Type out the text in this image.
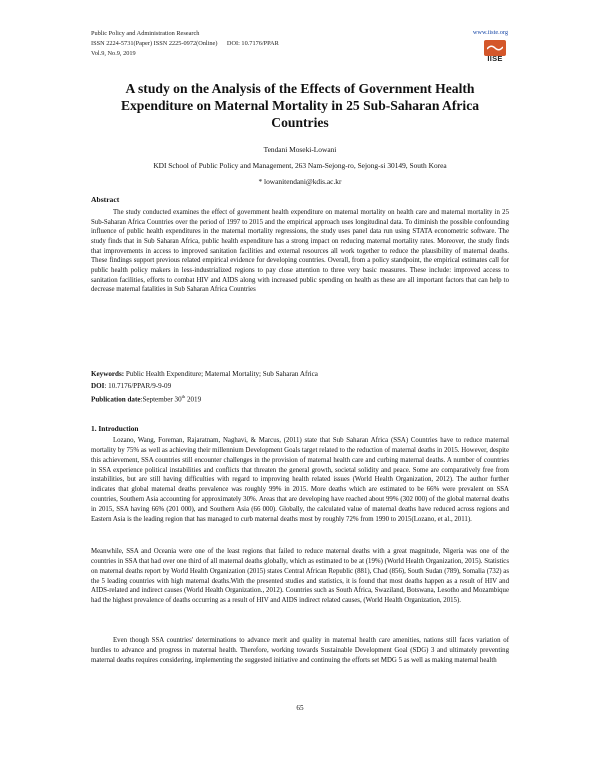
Public Policy and Administration Research
ISSN 2224-5731(Paper) ISSN 2225-0972(Online) DOI: 10.7176/PPAR
Vol.9, No.9, 2019
www.iiste.org
IISE
A study on the Analysis of the Effects of Government Health Expenditure on Maternal Mortality in 25 Sub-Saharan Africa Countries
Tendani Moseki-Lowani
KDI School of Public Policy and Management, 263 Nam-Sejong-ro, Sejong-si 30149, South Korea
* lowanitendani@kdis.ac.kr
Abstract
The study conducted examines the effect of government health expenditure on maternal mortality on health care and maternal mortality in 25 Sub-Saharan Africa Countries over the period of 1997 to 2015 and the empirical approach uses longitudinal data. To diminish the possible confounding influence of public health expenditures in the maternal mortality regressions, the study uses panel data run using STATA econometric software. The study finds that in Sub Saharan Africa, public health expenditure has a strong impact on reducing maternal mortality rates. Moreover, the study finds that improvements in access to improved sanitation facilities and external resources all work together to reduce the plausibility of maternal deaths. These findings support previous related empirical evidence for developing countries. Overall, from a policy standpoint, the empirical estimates call for public health policy makers in less-industrialized regions to pay close attention to three very basic measures. These include: improved access to sanitation facilities, efforts to combat HIV and AIDS along with increased public spending on health as these are all important factors that can help to decrease maternal fatalities in Sub Saharan Africa Countries
Keywords: Public Health Expenditure; Maternal Mortality; Sub Saharan Africa
DOI: 10.7176/PPAR/9-9-09
Publication date:September 30th 2019
1. Introduction
Lozano, Wang, Foreman, Rajaratnam, Naghavi, & Marcus, (2011) state that Sub Saharan Africa (SSA) Countries have to reduce maternal mortality by 75% as well as achieving their millennium Development Goals target related to the reduction of maternal deaths in 2015. However, despite this achievement, SSA countries still encounter challenges in the provision of maternal health care and curbing maternal deaths. A number of countries in SSA experience political instabilities and conflicts that threaten the general growth, societal solidity and peace. Some are comparatively free from instabilities, but are still having difficulties with regard to improving health related issues (World Health Organization, 2012). The author further indicates that global maternal deaths prevalence was roughly 99% in 2015. More deaths which are estimated to be 66% were prevalent on SSA countries, Southern Asia accounting for approximately 30%. Areas that are developing have reached about 99% (302 000) of the global maternal deaths in 2015, SSA having 66% (201 000), and Southern Asia (66 000). Globally, the calculated value of maternal deaths have reduced across regions and Eastern Asia is the leading region that has managed to curb maternal deaths most by roughly 72% from 1990 to 2015(Lozano, et al., 2011).
Meanwhile, SSA and Oceania were one of the least regions that failed to reduce maternal deaths with a great magnitude, Nigeria was one of the countries in SSA that had over one third of all maternal deaths globally, which as estimated to be at (19%) (World Health Organization, 2015). Statistics on maternal deaths report by World Health Organization (2015) states Central African Republic (881), Chad (856), South Sudan (789), Somalia (732) as the 5 leading countries with high maternal deaths.With the presented studies and statistics, it is found that most deaths happen as a result of HIV and AIDS-related and indirect causes (World Health Organization., 2012). Countries such as South Africa, Swaziland, Botswana, Lesotho and Mozambique had the highest prevalence of deaths occurring as a result of HIV and AIDS indirect related causes, (World Health Organization, 2015).
Even though SSA countries' determinations to advance merit and quality in maternal health care amenities, nations still faces variation of hurdles to advance and progress in maternal health. Therefore, working towards Sustainable Development Goal (SDG) 3 and ultimately preventing maternal deaths requires considering, implementing the suggested initiative and continuing the efforts set MDG 5 as well as making maternal health
65
